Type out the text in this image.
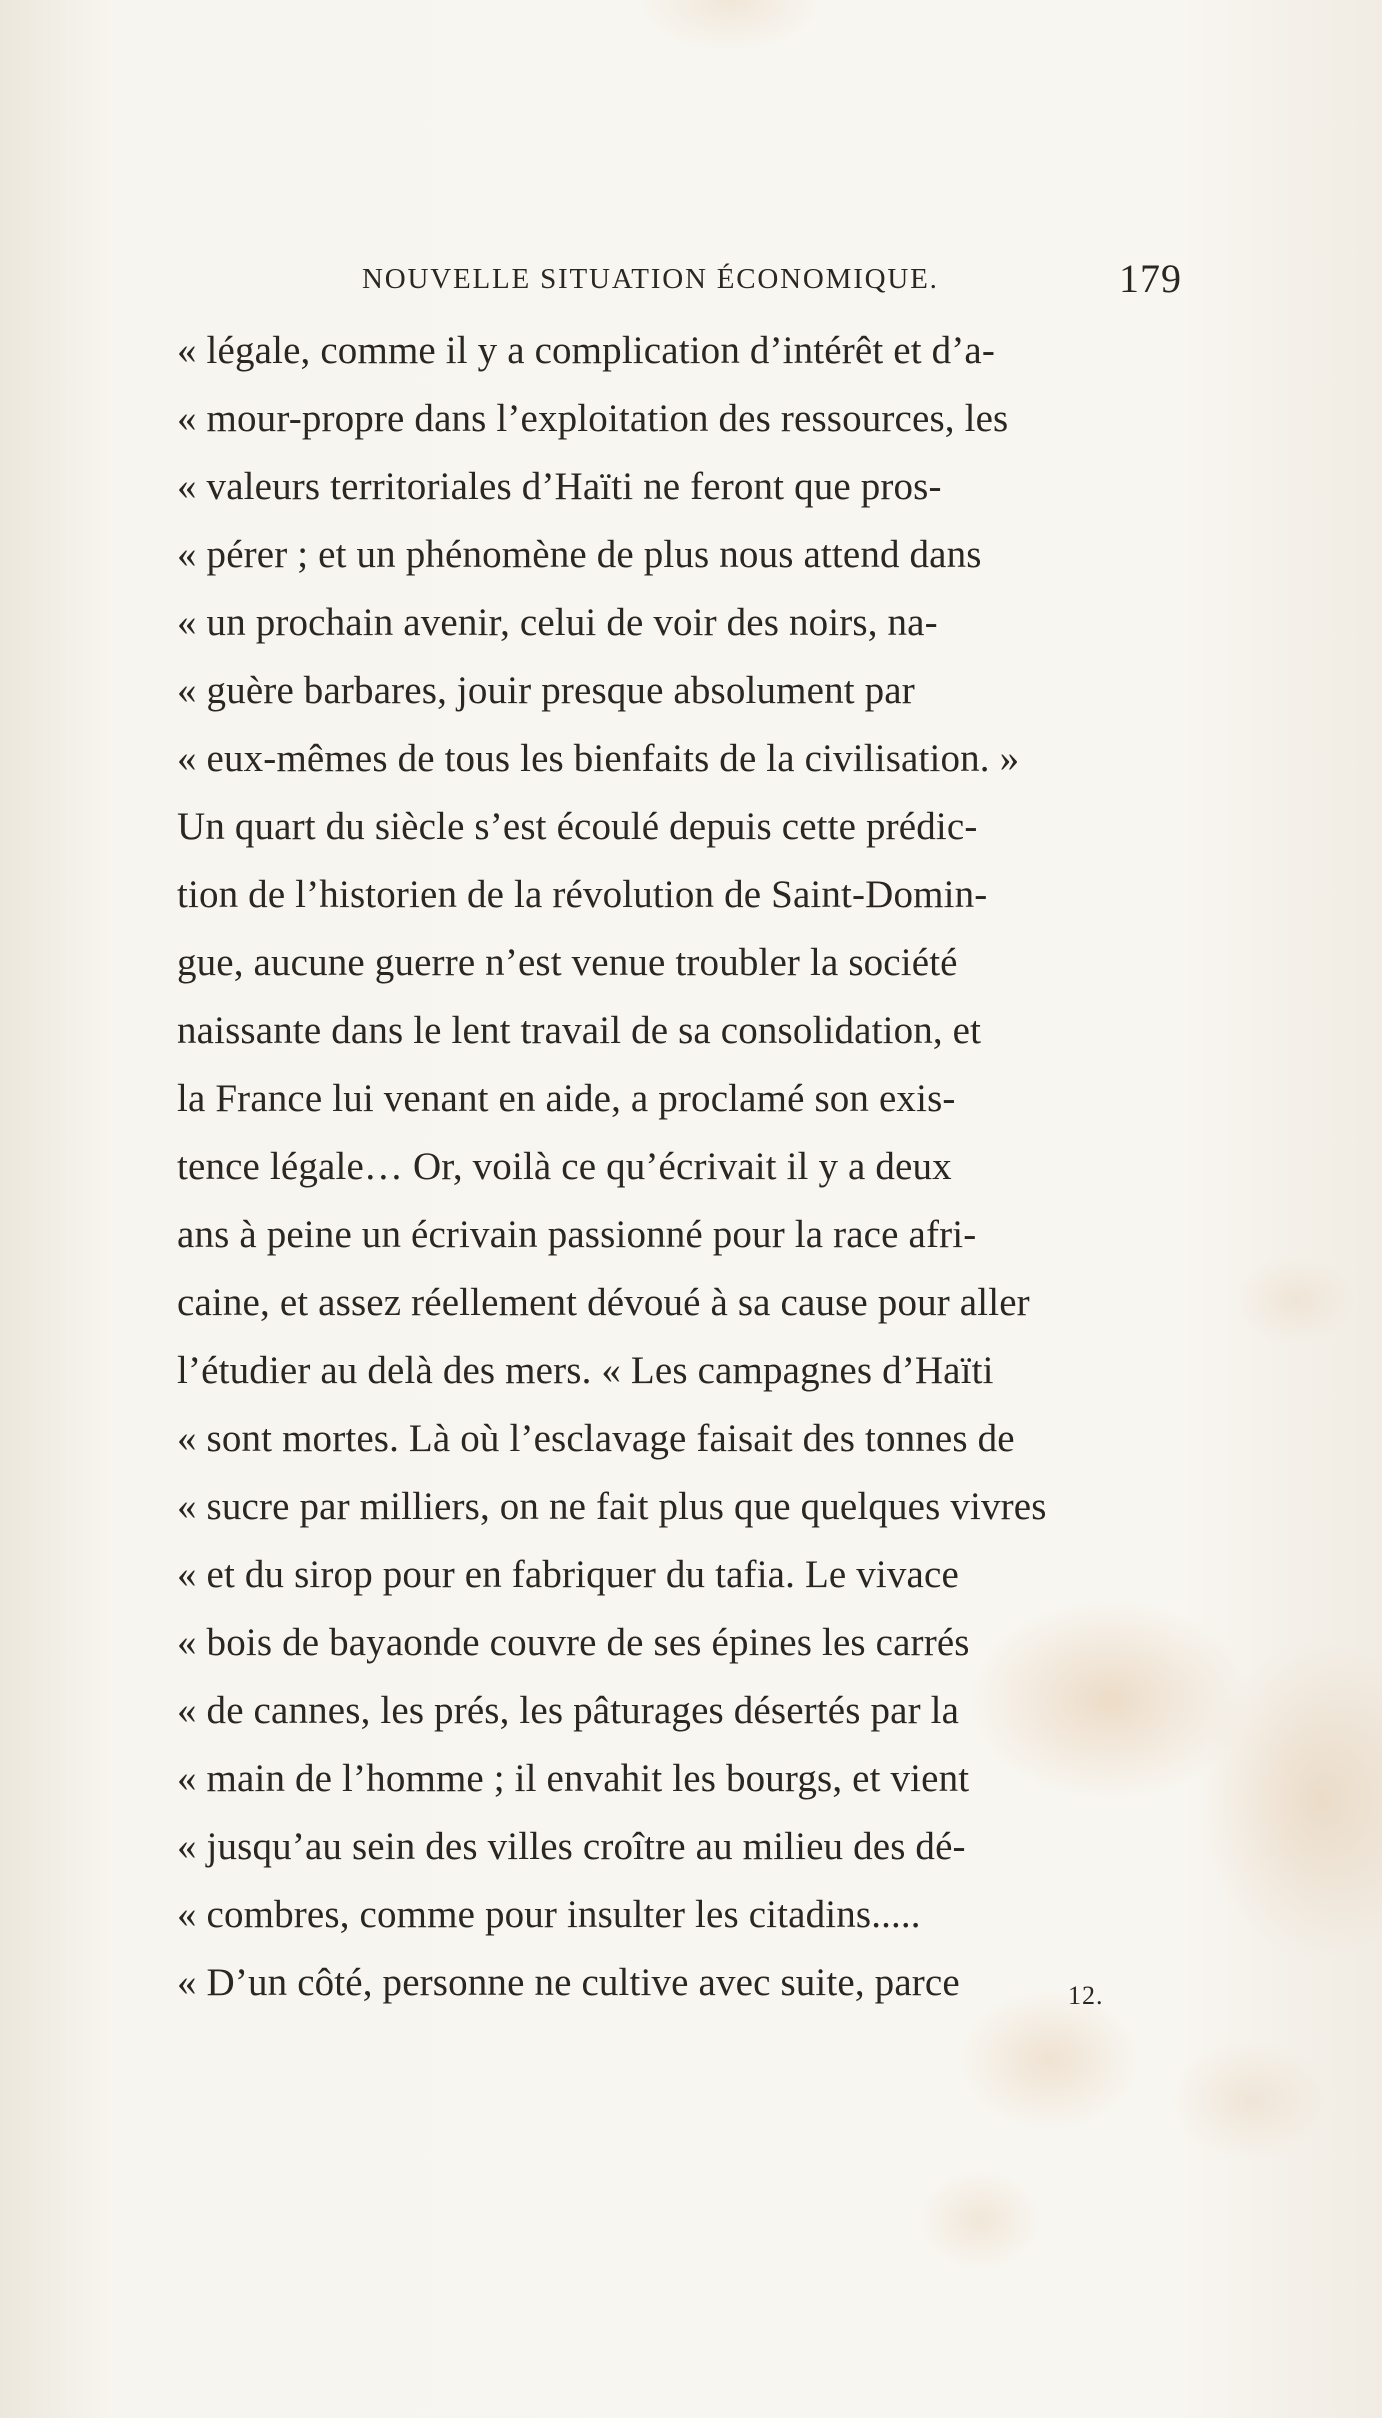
NOUVELLE SITUATION ÉCONOMIQUE.	179
« légale, comme il y a complication d’intérêt et d’a-
« mour-propre dans l’exploitation des ressources, les
« valeurs territoriales d’Haïti ne feront que pros-
« pérer ; et un phénomène de plus nous attend dans
« un prochain avenir, celui de voir des noirs, na-
« guère barbares, jouir presque absolument par
« eux-mêmes de tous les bienfaits de la civilisation. »
Un quart du siècle s’est écoulé depuis cette prédic-
tion de l’historien de la révolution de Saint-Domin-
gue, aucune guerre n’est venue troubler la société
naissante dans le lent travail de sa consolidation, et
la France lui venant en aide, a proclamé son exis-
tence légale… Or, voilà ce qu’écrivait il y a deux
ans à peine un écrivain passionné pour la race afri-
caine, et assez réellement dévoué à sa cause pour aller
l’étudier au delà des mers. « Les campagnes d’Haïti
« sont mortes. Là où l’esclavage faisait des tonnes de
« sucre par milliers, on ne fait plus que quelques vivres
« et du sirop pour en fabriquer du tafia. Le vivace
« bois de bayaonde couvre de ses épines les carrés
« de cannes, les prés, les pâturages désertés par la
« main de l’homme ; il envahit les bourgs, et vient
« jusqu’au sein des villes croître au milieu des dé-
« combres, comme pour insulter les citadins.....
« D’un côté, personne ne cultive avec suite, parce	12.
